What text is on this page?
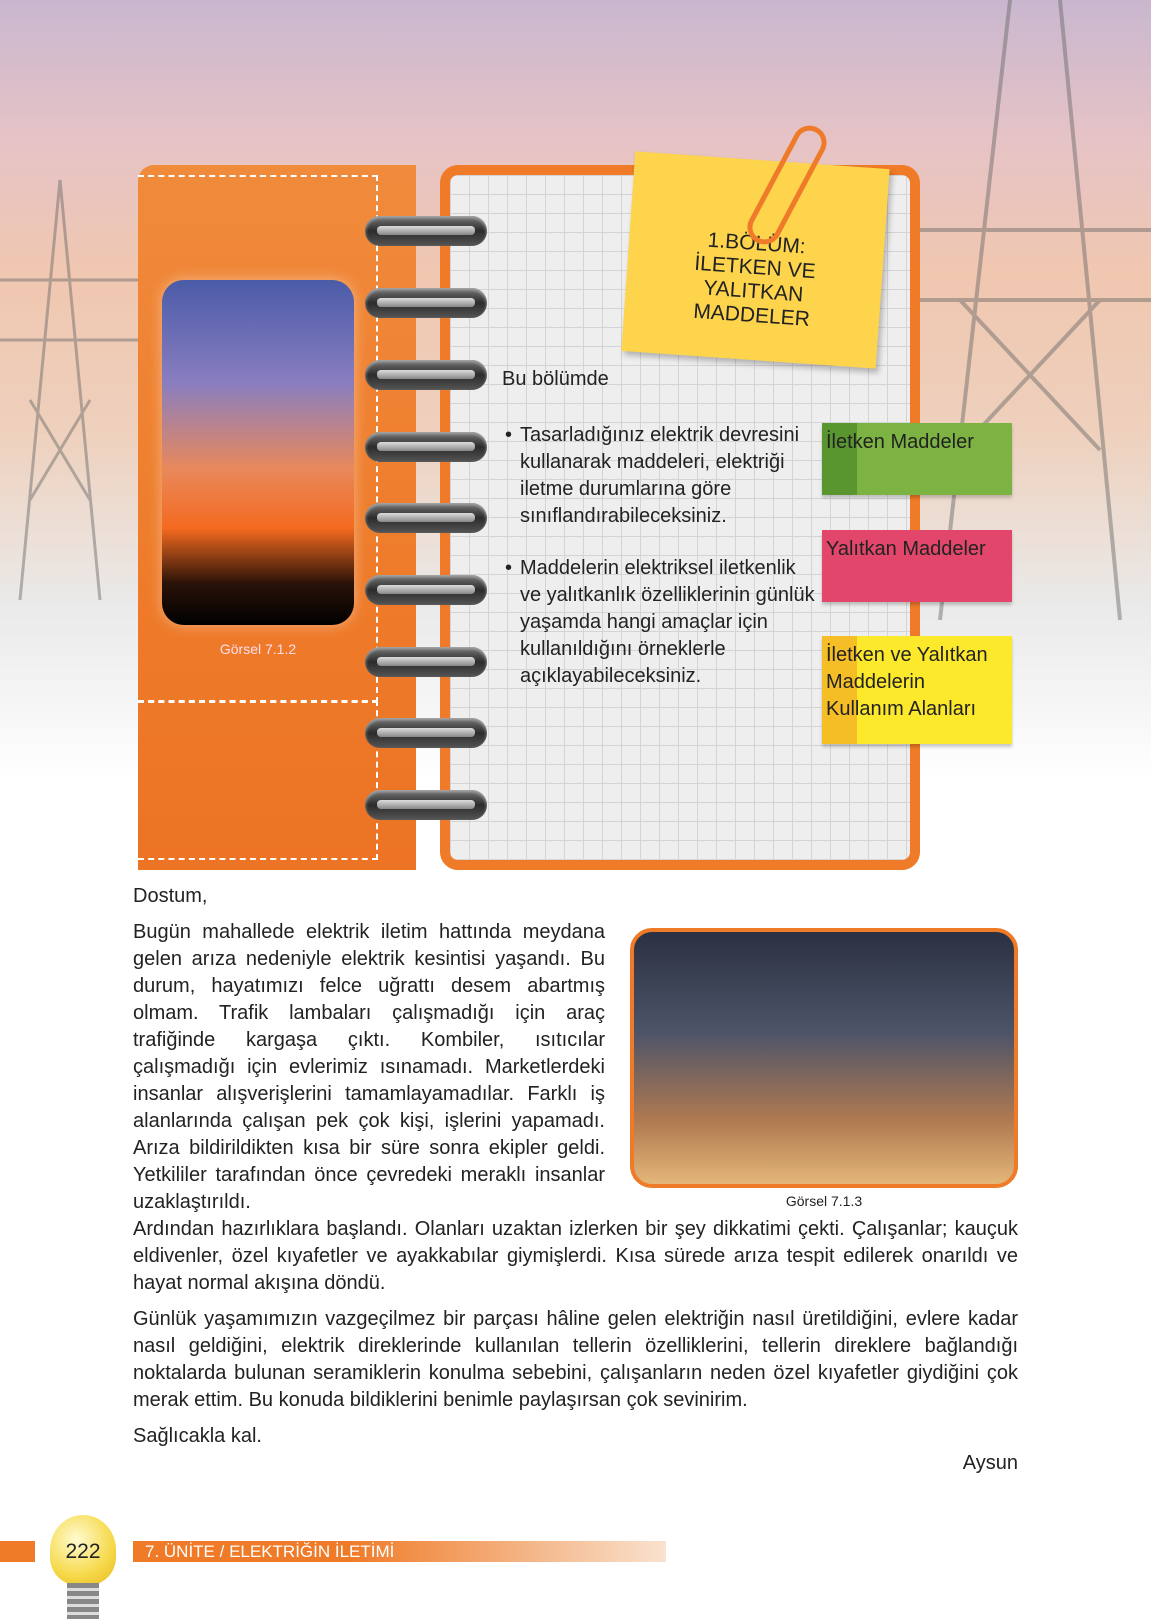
Görsel 7.1.2
1.BÖLÜM:
İLETKEN VE
YALITKAN
MADDELER
Bu bölümde
• Tasarladığınız elektrik devresini kullanarak maddeleri, elektriği iletme durumlarına göre sınıflandırabileceksiniz.
• Maddelerin elektriksel iletkenlik ve yalıtkanlık özelliklerinin günlük yaşamda hangi amaçlar için kullanıldığını örneklerle açıklayabileceksiniz.
İletken Maddeler
Yalıtkan Maddeler
İletken ve Yalıtkan Maddelerin Kullanım Alanları

Dostum,

Bugün mahallede elektrik iletim hattında meydana gelen arıza nedeniyle elektrik kesintisi yaşandı. Bu durum, hayatımızı felce uğrattı desem abartmış olmam. Trafik lambaları çalışmadığı için araç trafiğinde kargaşa çıktı. Kombiler, ısıtıcılar çalışmadığı için evlerimiz ısınamadı. Marketlerdeki insanlar alışverişlerini tamamlayamadılar. Farklı iş alanlarında çalışan pek çok kişi, işlerini yapamadı. Arıza bildirildikten kısa bir süre sonra ekipler geldi. Yetkililer tarafından önce çevredeki meraklı insanlar uzaklaştırıldı.

Ardından hazırlıklara başlandı. Olanları uzaktan izlerken bir şey dikkatimi çekti. Çalışanlar; kauçuk eldivenler, özel kıyafetler ve ayakkabılar giymişlerdi. Kısa sürede arıza tespit edilerek onarıldı ve hayat normal akışına döndü.

Günlük yaşamımızın vazgeçilmez bir parçası hâline gelen elektriğin nasıl üretildiğini, evlere kadar nasıl geldiğini, elektrik direklerinde kullanılan tellerin özelliklerini, tellerin direklere bağlandığı noktalarda bulunan seramiklerin konulma sebebini, çalışanların neden özel kıyafetler giydiğini çok merak ettim. Bu konuda bildiklerini benimle paylaşırsan çok sevinirim.

Sağlıcakla kal.

Aysun

Görsel 7.1.3
222	7. ÜNİTE / ELEKTRİĞİN İLETİMİ
